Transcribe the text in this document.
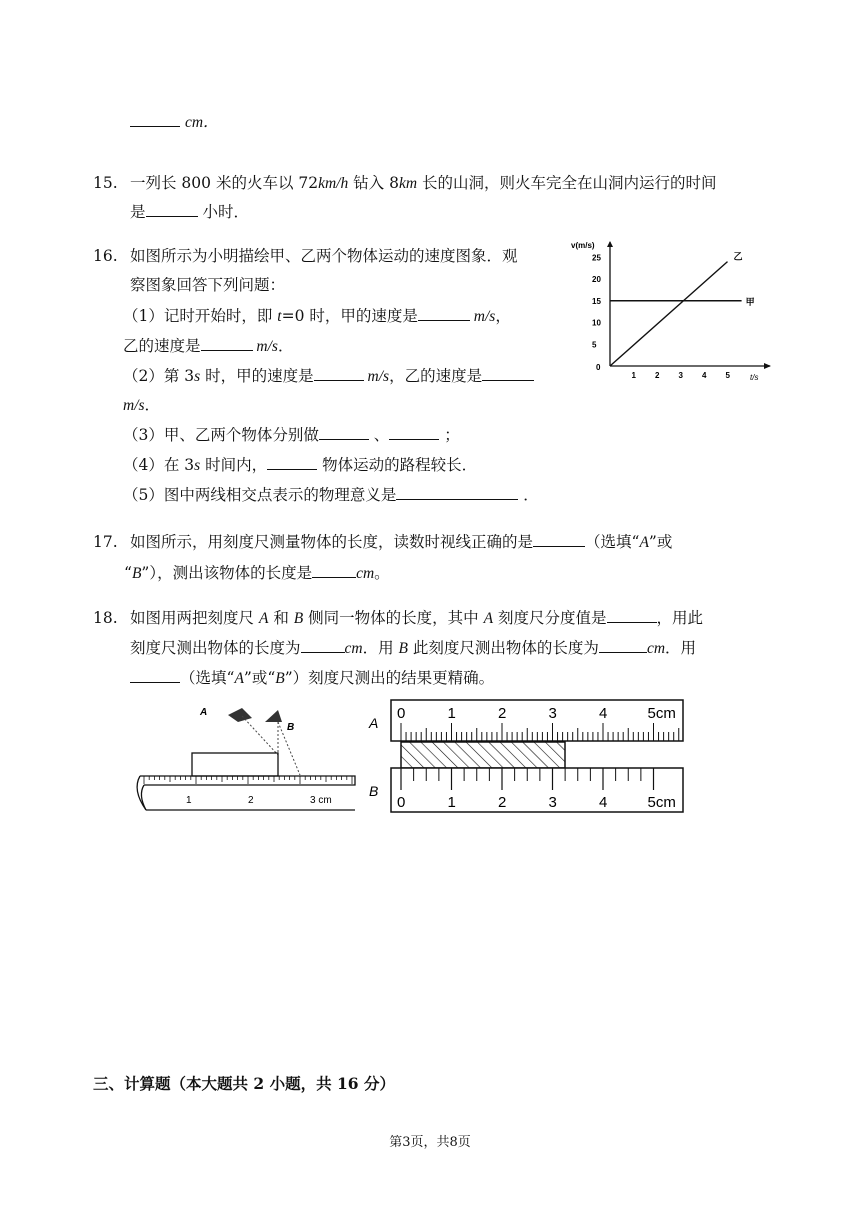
cm．
15. 一列长 800 米的火车以 72km/h 钻入 8km 长的山洞，则火车完全在山洞内运行的时间
是	小时．
16. 如图所示为小明描绘甲、乙两个物体运动的速度图象．观
察图象回答下列问题：
（1）记时开始时，即 t=0 时，甲的速度是	m/s，
乙的速度是	m/s．
（2）第 3s 时，甲的速度是	m/s，乙的速度是
m/s．
（3）甲、乙两个物体分别做	、	；
（4）在 3s 时间内，	物体运动的路程较长．
（5）图中两线相交点表示的物理意义是	．
v(m/s)
t/s
0
5
10
15
20
25
1 2 3 4 5
甲
乙
17. 如图所示，用刻度尺测量物体的长度，读数时视线正确的是	（选填“A”或
“B”），测出该物体的长度是	cm。
18. 如图用两把刻度尺 A 和 B 侧同一物体的长度，其中 A 刻度尺分度值是	，用此
刻度尺测出物体的长度为	cm．用 B 此刻度尺测出物体的长度为	cm．用
（选填“A”或“B”）刻度尺测出的结果更精确。
A
B
1	2	3 cm
A
B
0	1	2	3	4	5cm
0	1	2	3	4	5cm
三、计算题（本大题共 2 小题，共 16 分）
第3页，共8页
